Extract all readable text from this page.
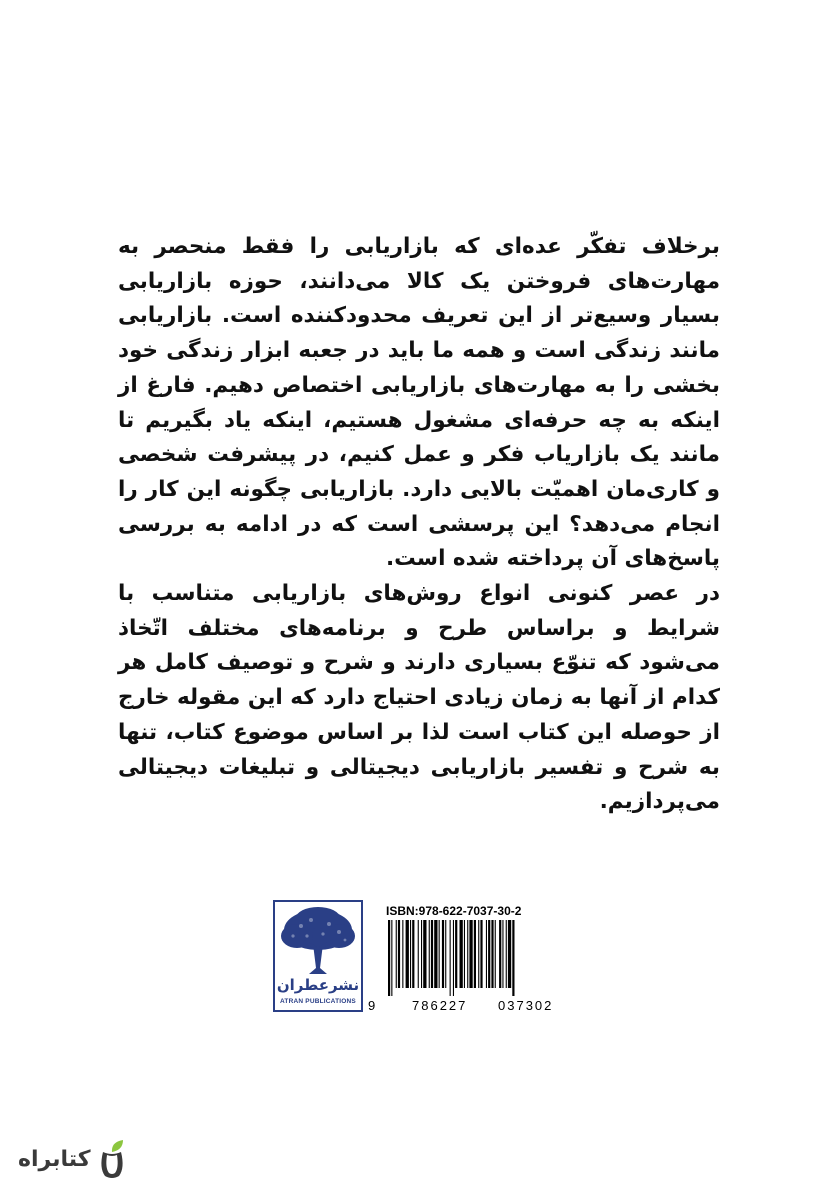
برخلاف تفکّر عده‌ای که بازاریابی را فقط منحصر به مهارت‌های فروختن یک کالا می‌دانند، حوزه بازاریابی بسیار وسیع‌تر از این تعریف محدودکننده است. بازاریابی مانند زندگی است و همه ما باید در جعبه ابزار زندگی خود بخشی را به مهارت‌های بازاریابی اختصاص دهیم. فارغ از اینکه به چه حرفه‌ای مشغول هستیم، اینکه یاد بگیریم تا مانند یک بازاریاب فکر و عمل کنیم، در پیشرفت شخصی و کاری‌مان اهمیّت بالایی دارد. بازاریابی چگونه این کار را انجام می‌دهد؟ این پرسشی است که در ادامه به بررسی پاسخ‌های آن پرداخته شده است.

در عصر کنونی انواع روش‌های بازاریابی متناسب با شرایط و براساس طرح و برنامه‌های مختلف اتّخاذ می‌شود که تنوّع بسیاری دارند و شرح و توصیف کامل هر کدام از آنها به زمان زیادی احتیاج دارد که این مقوله خارج از حوصله این کتاب است لذا بر اساس موضوع کتاب، تنها به شرح و تفسیر بازاریابی دیجیتالی و تبلیغات دیجیتالی می‌پردازیم.

نشرعطران
ATRAN PUBLICATIONS
ISBN:978-622-7037-30-2
9	786227 037302
کتابراه
